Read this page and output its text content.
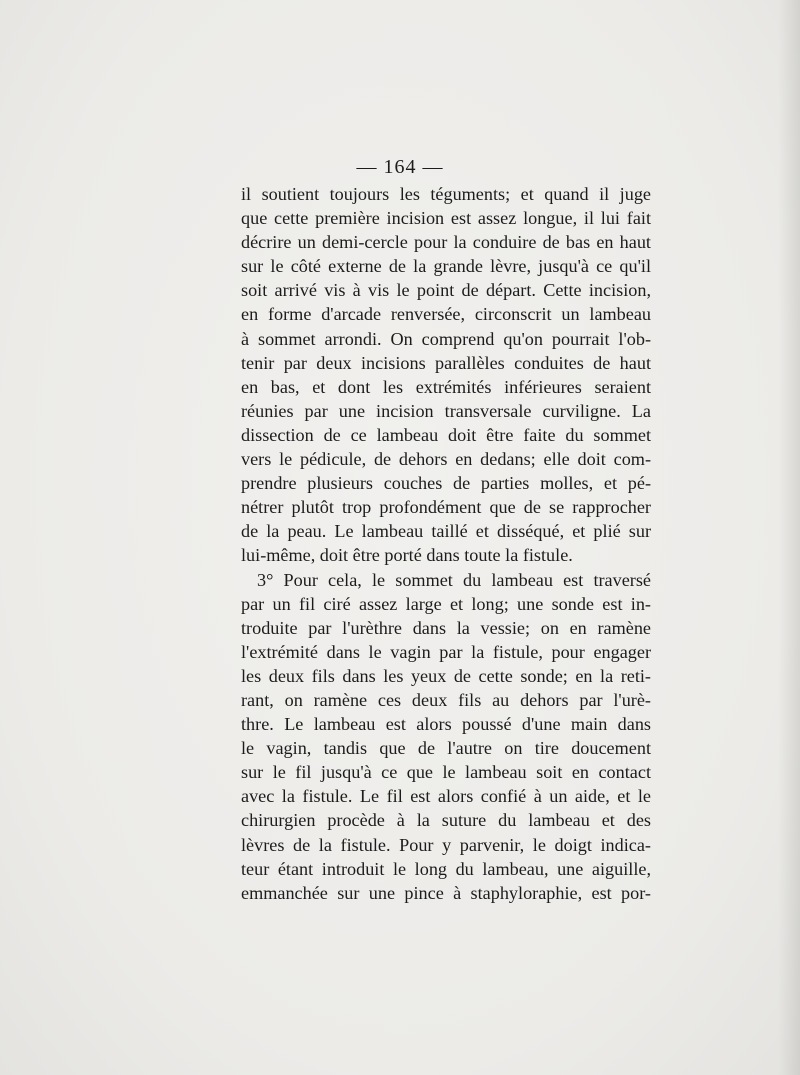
— 164 —
il soutient toujours les téguments; et quand il juge
que cette première incision est assez longue, il lui fait
décrire un demi-cercle pour la conduire de bas en haut
sur le côté externe de la grande lèvre, jusqu'à ce qu'il
soit arrivé vis à vis le point de départ. Cette incision,
en forme d'arcade renversée, circonscrit un lambeau
à sommet arrondi. On comprend qu'on pourrait l'ob-
tenir par deux incisions parallèles conduites de haut
en bas, et dont les extrémités inférieures seraient
réunies par une incision transversale curviligne. La
dissection de ce lambeau doit être faite du sommet
vers le pédicule, de dehors en dedans; elle doit com-
prendre plusieurs couches de parties molles, et pé-
nétrer plutôt trop profondément que de se rapprocher
de la peau. Le lambeau taillé et disséqué, et plié sur
lui-même, doit être porté dans toute la fistule.
3° Pour cela, le sommet du lambeau est traversé
par un fil ciré assez large et long; une sonde est in-
troduite par l'urèthre dans la vessie; on en ramène
l'extrémité dans le vagin par la fistule, pour engager
les deux fils dans les yeux de cette sonde; en la reti-
rant, on ramène ces deux fils au dehors par l'urè-
thre. Le lambeau est alors poussé d'une main dans
le vagin, tandis que de l'autre on tire doucement
sur le fil jusqu'à ce que le lambeau soit en contact
avec la fistule. Le fil est alors confié à un aide, et le
chirurgien procède à la suture du lambeau et des
lèvres de la fistule. Pour y parvenir, le doigt indica-
teur étant introduit le long du lambeau, une aiguille,
emmanchée sur une pince à staphyloraphie, est por-
